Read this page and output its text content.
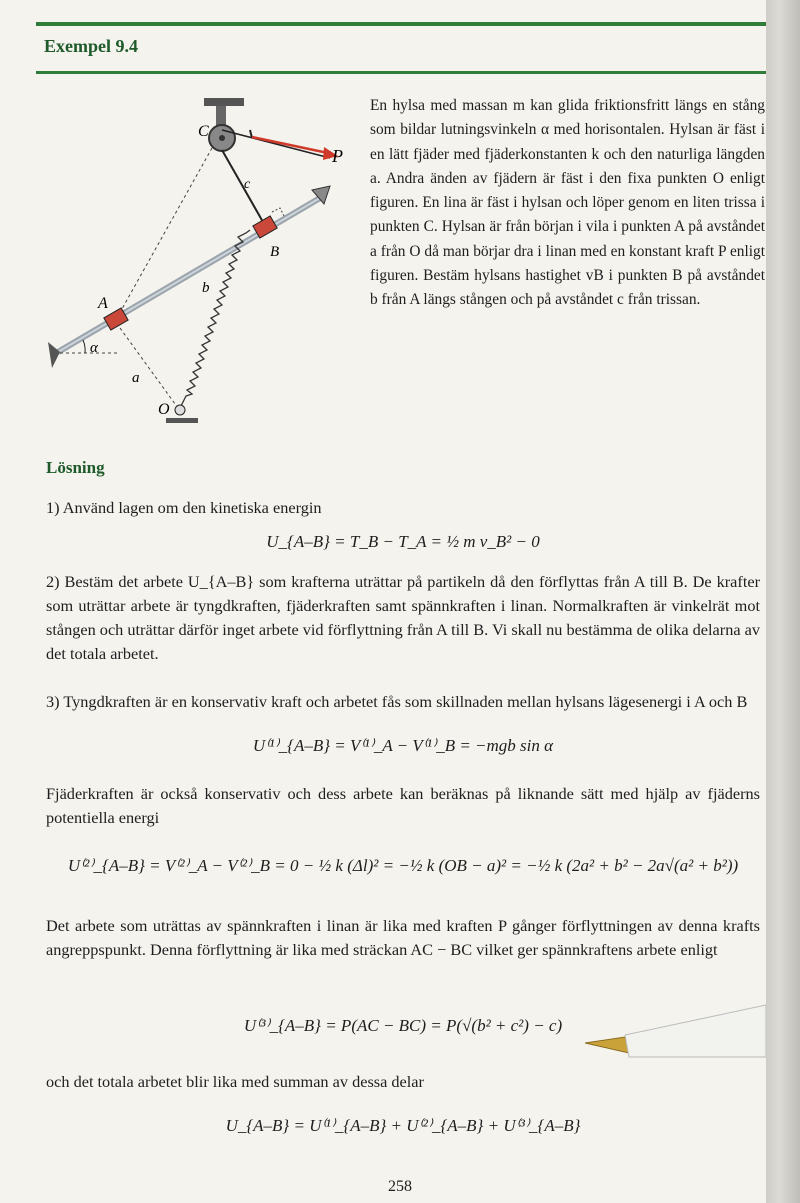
Exempel 9.4
C
P
c
B
b
A
α
a
O
En hylsa med massan m kan glida friktionsfritt längs en stång som bildar lutningsvinkeln α med horisontalen. Hylsan är fäst i en lätt fjäder med fjäderkonstanten k och den naturliga längden a. Andra änden av fjädern är fäst i den fixa punkten O enligt figuren. En lina är fäst i hylsan och löper genom en liten trissa i punkten C. Hylsan är från början i vila i punkten A på avståndet a från O då man börjar dra i linan med en konstant kraft P enligt figuren. Bestäm hylsans hastighet vB i punkten B på avståndet b från A längs stången och på avståndet c från trissan.
Lösning
1) Använd lagen om den kinetiska energin
U_{A–B} = T_B − T_A = ½ m v_B² − 0
2) Bestäm det arbete U_{A–B} som krafterna uträttar på partikeln då den förflyttas från A till B. De krafter som uträttar arbete är tyngdkraften, fjäderkraften samt spännkraften i linan. Normalkraften är vinkelrät mot stången och uträttar därför inget arbete vid förflyttning från A till B. Vi skall nu bestämma de olika delarna av det totala arbetet.
3) Tyngdkraften är en konservativ kraft och arbetet fås som skillnaden mellan hylsans lägesenergi i A och B
U⁽¹⁾_{A–B} = V⁽¹⁾_A − V⁽¹⁾_B = −mgb sin α
Fjäderkraften är också konservativ och dess arbete kan beräknas på liknande sätt med hjälp av fjäderns potentiella energi
U⁽²⁾_{A–B} = V⁽²⁾_A − V⁽²⁾_B = 0 − ½ k (Δl)² = −½ k (OB − a)² = −½ k (2a² + b² − 2a√(a² + b²))
Det arbete som uträttas av spännkraften i linan är lika med kraften P gånger förflyttningen av denna krafts angreppspunkt. Denna förflyttning är lika med sträckan AC − BC vilket ger spännkraftens arbete enligt
U⁽³⁾_{A–B} = P(AC − BC) = P(√(b² + c²) − c)
och det totala arbetet blir lika med summan av dessa delar
U_{A–B} = U⁽¹⁾_{A–B} + U⁽²⁾_{A–B} + U⁽³⁾_{A–B}
258
